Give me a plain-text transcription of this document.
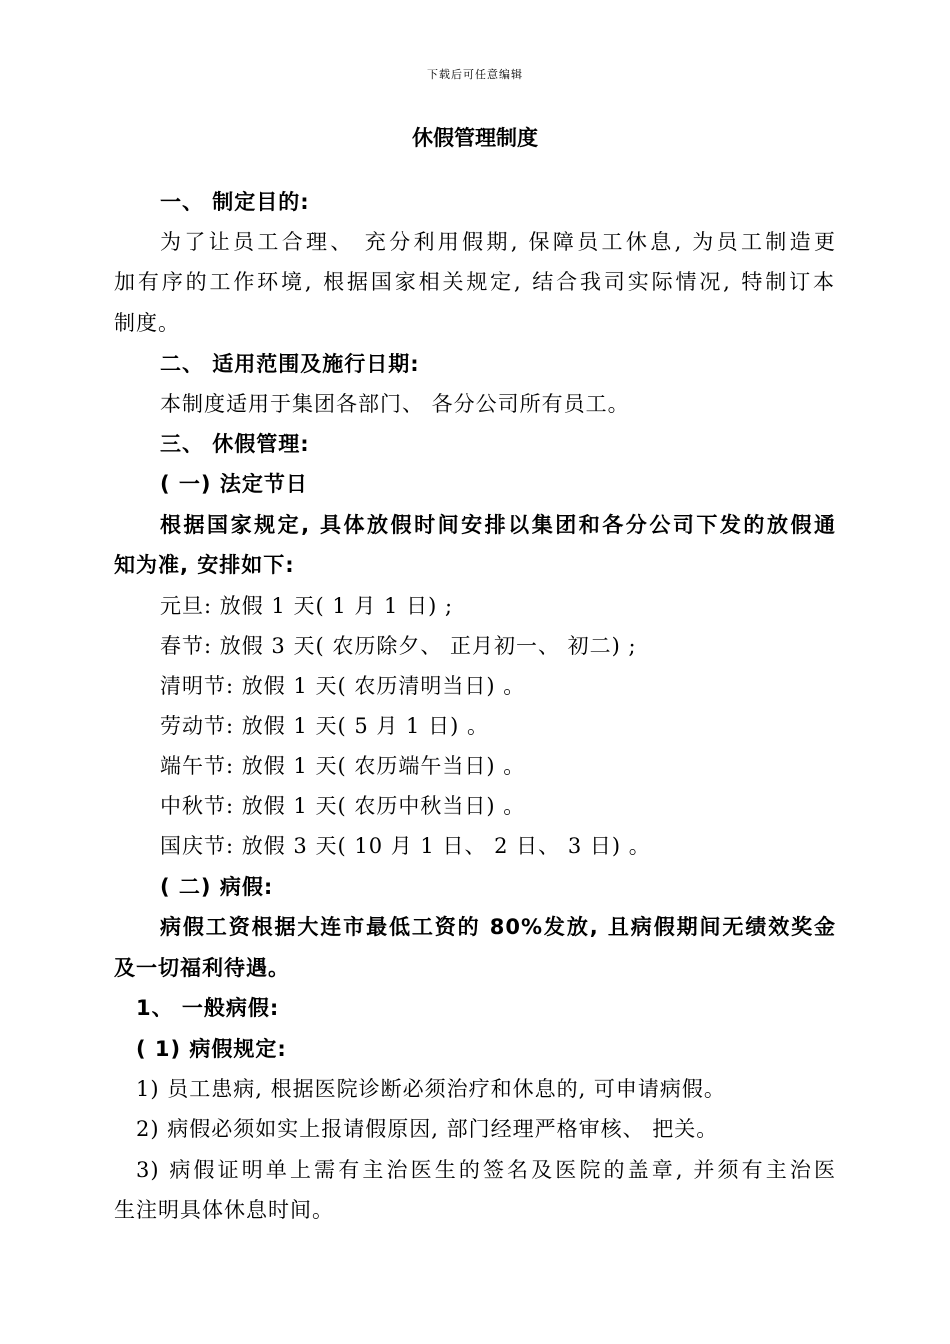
下载后可任意编辑
休假管理制度
一、 制定目的:
为了让员工合理、 充分利用假期, 保障员工休息, 为员工制造更
加有序的工作环境, 根据国家相关规定, 结合我司实际情况, 特制订本
制度。
二、 适用范围及施行日期:
本制度适用于集团各部门、 各分公司所有员工。
三、 休假管理:
( 一) 法定节日
根据国家规定, 具体放假时间安排以集团和各分公司下发的放假通
知为准, 安排如下:
元旦: 放假 1 天( 1 月 1 日) ;
春节: 放假 3 天( 农历除夕、 正月初一、 初二) ;
清明节: 放假 1 天( 农历清明当日) 。
劳动节: 放假 1 天( 5 月 1 日) 。
端午节: 放假 1 天( 农历端午当日) 。
中秋节: 放假 1 天( 农历中秋当日) 。
国庆节: 放假 3 天( 10 月 1 日、 2 日、 3 日) 。
( 二) 病假:
病假工资根据大连市最低工资的 80%发放, 且病假期间无绩效奖金
及一切福利待遇。
1、 一般病假:
( 1) 病假规定:
1) 员工患病, 根据医院诊断必须治疗和休息的, 可申请病假。
2) 病假必须如实上报请假原因, 部门经理严格审核、 把关。
3) 病假证明单上需有主治医生的签名及医院的盖章, 并须有主治医
生注明具体休息时间。
